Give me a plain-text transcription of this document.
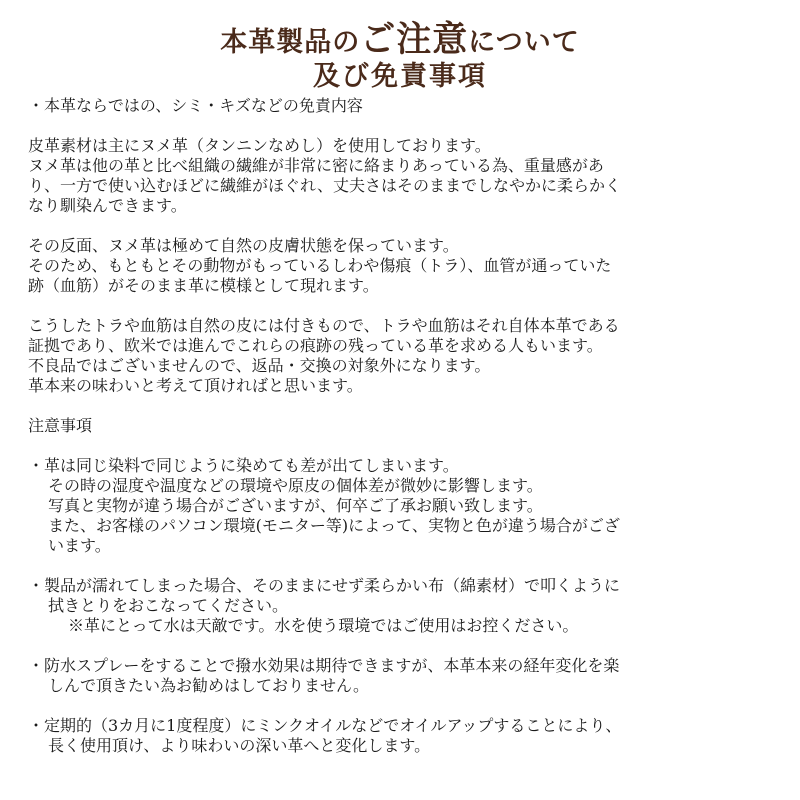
本革製品のご注意について
及び免責事項
・本革ならではの、シミ・キズなどの免責内容
皮革素材は主にヌメ革（タンニンなめし）を使用しております。
ヌメ革は他の革と比べ組織の繊維が非常に密に絡まりあっている為、重量感があ
り、一方で使い込むほどに繊維がほぐれ、丈夫さはそのままでしなやかに柔らかく
なり馴染んできます。
その反面、ヌメ革は極めて自然の皮膚状態を保っています。
そのため、もともとその動物がもっているしわや傷痕（トラ）、血管が通っていた
跡（血筋）がそのまま革に模様として現れます。
こうしたトラや血筋は自然の皮には付きもので、トラや血筋はそれ自体本革である
証拠であり、欧米では進んでこれらの痕跡の残っている革を求める人もいます。
不良品ではございませんので、返品・交換の対象外になります。
革本来の味わいと考えて頂ければと思います。
注意事項
・革は同じ染料で同じように染めても差が出てしまいます。
その時の湿度や温度などの環境や原皮の個体差が微妙に影響します。
写真と実物が違う場合がございますが、何卒ご了承お願い致します。
また、お客様のパソコン環境(モニター等)によって、実物と色が違う場合がござ
います。
・製品が濡れてしまった場合、そのままにせず柔らかい布（綿素材）で叩くように
拭きとりをおこなってください。
※革にとって水は天敵です。水を使う環境ではご使用はお控ください。
・防水スプレーをすることで撥水効果は期待できますが、本革本来の経年変化を楽
しんで頂きたい為お勧めはしておりません。
・定期的（3カ月に1度程度）にミンクオイルなどでオイルアップすることにより、
長く使用頂け、より味わいの深い革へと変化します。
